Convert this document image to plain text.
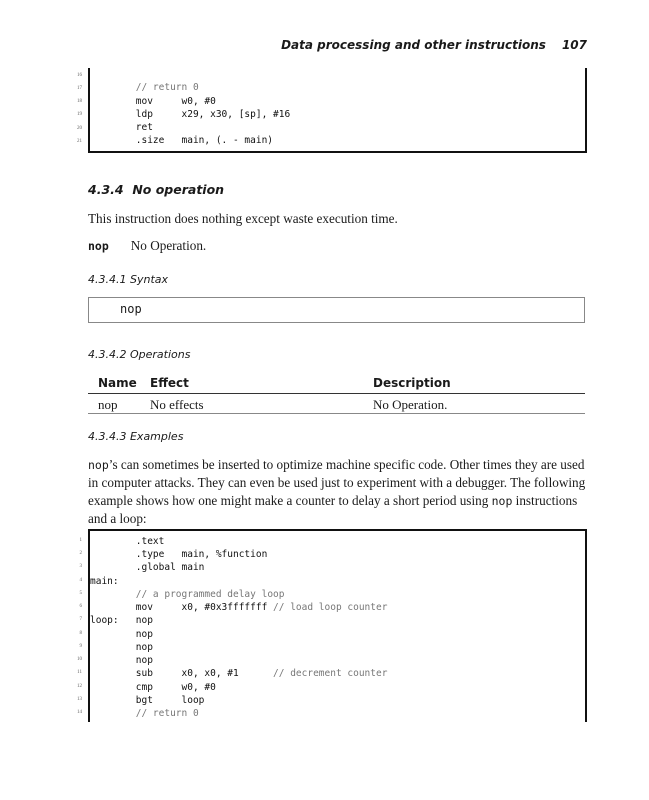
Data processing and other instructions 107
// return 0
mov     w0, #0
ldp     x29, x30, [sp], #16
ret
.size   main, (. - main)
16
17
18
19
20
21
4.3.4 No operation
This instruction does nothing except waste execution time.
nop No Operation.
4.3.4.1 Syntax
nop
4.3.4.2 Operations
Name Effect	Description
nop	No effects	No Operation.
4.3.4.3 Examples
nop’s can sometimes be inserted to optimize machine specific code. Other times they are used
in computer attacks. They can even be used just to experiment with a debugger. The following
example shows how one might make a counter to delay a short period using nop instructions
and a loop:
.text
.type   main, %function
.global main
main:
// a programmed delay loop
mov     x0, #0x3fffffff // load loop counter
loop:   nop
nop
nop
nop
sub     x0, x0, #1      // decrement counter
cmp     w0, #0
bgt     loop
// return 0
1
2
3
4
5
6
7
8
9
10
11
12
13
14
